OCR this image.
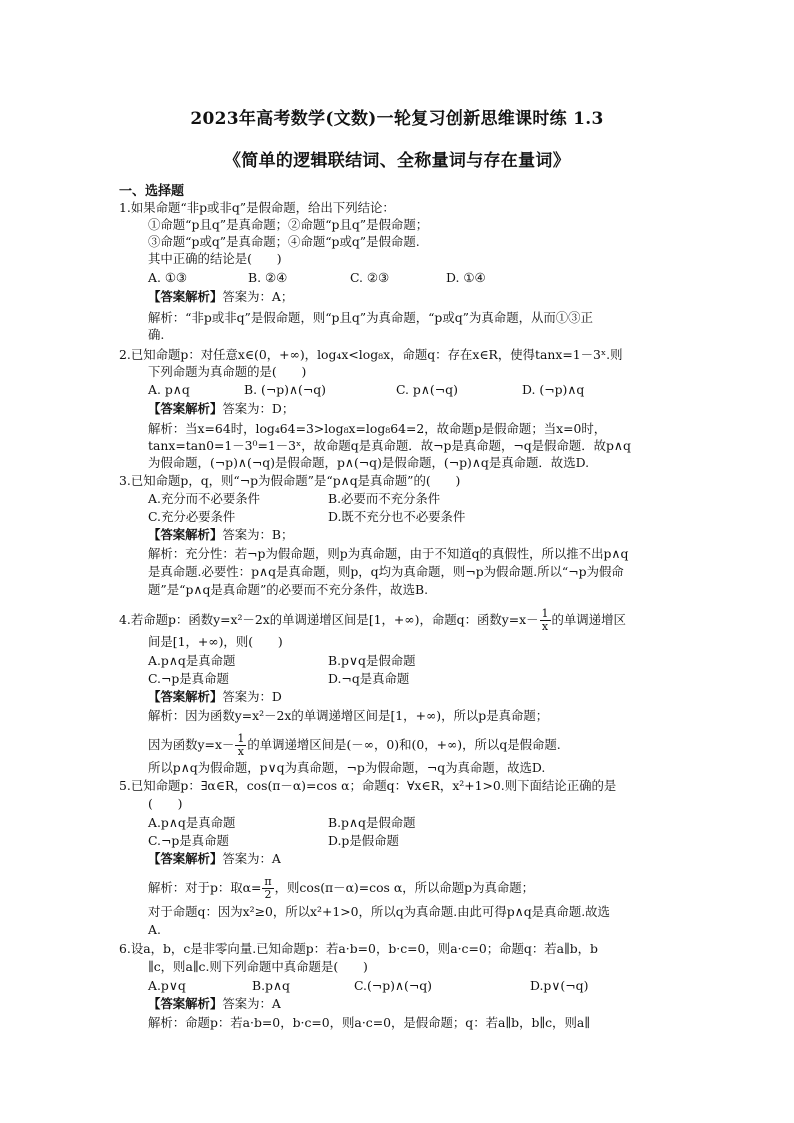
2023年高考数学(文数)一轮复习创新思维课时练 1.3
《简单的逻辑联结词、全称量词与存在量词》
一、选择题
1.如果命题“非p或非q”是假命题，给出下列结论：
①命题“p且q”是真命题；②命题“p且q”是假命题；
③命题“p或q”是真命题；④命题“p或q”是假命题.
其中正确的结论是(　　)
A. ①③	B. ②④	C. ②③	D. ①④
【答案解析】答案为：A；
解析：“非p或非q”是假命题，则“p且q”为真命题，“p或q”为真命题，从而①③正
确.
2.已知命题p：对任意x∈(0，+∞)，log₄x<log₈x，命题q：存在x∈R，使得tanx=1－3ˣ.则
下列命题为真命题的是(　　)
A. p∧q	B. (¬p)∧(¬q)	C. p∧(¬q)	D. (¬p)∧q
【答案解析】答案为：D；
解析：当x=64时，log₄64=3>log₈x=log₈64=2，故命题p是假命题；当x=0时，
tanx=tan0=1－3⁰=1－3ˣ，故命题q是真命题．故¬p是真命题，¬q是假命题．故p∧q
为假命题，(¬p)∧(¬q)是假命题，p∧(¬q)是假命题，(¬p)∧q是真命题．故选D.
3.已知命题p，q，则“¬p为假命题”是“p∧q是真命题”的(　　)
A.充分而不必要条件	B.必要而不充分条件
C.充分必要条件	D.既不充分也不必要条件
【答案解析】答案为：B；
解析：充分性：若¬p为假命题，则p为真命题，由于不知道q的真假性，所以推不出p∧q
是真命题.必要性：p∧q是真命题，则p，q均为真命题，则¬p为假命题.所以“¬p为假命
题”是“p∧q是真命题”的必要而不充分条件，故选B.
4.若命题p：函数y=x²－2x的单调递增区间是[1，+∞)，命题q：函数$y=x- \frac{1}{x}$ 的单调递增区
间是[1，+∞)，则(　　)
A.p∧q是真命题	B.p∨q是假命题
C.¬p是真命题	D.¬q是真命题
【答案解析】答案为：D
解析：因为函数y=x²－2x的单调递增区间是[1，+∞)，所以p是真命题；
因为函数$y=x- \frac{1}{x}$ 的单调递增区间是(－∞，0)和(0，+∞)，所以q是假命题.
所以p∧q为假命题，p∨q为真命题，¬p为假命题，¬q为真命题，故选D.
5.已知命题p：∃α∈R，cos(π－α)=cos α；命题q：∀x∈R，x²+1>0.则下面结论正确的是
(　　)
A.p∧q是真命题	B.p∧q是假命题
C.¬p是真命题	D.p是假命题
【答案解析】答案为：A
解析：对于p：取$\alpha= \frac{\pi}{2}$ ，则cos(π－α)=cos α，所以命题p为真命题；
对于命题q：因为x²≥0，所以x²+1>0，所以q为真命题.由此可得p∧q是真命题.故选
A.
6.设a，b，c是非零向量.已知命题p：若a·b=0，b·c=0，则a·c=0；命题q：若a∥b，b
∥c，则a∥c.则下列命题中真命题是(　　)
A.p∨q	B.p∧q	C.(¬p)∧(¬q)	D.p∨(¬q)
【答案解析】答案为：A
解析：命题p：若a·b=0，b·c=0，则a·c=0，是假命题；q：若a∥b，b∥c，则a∥
